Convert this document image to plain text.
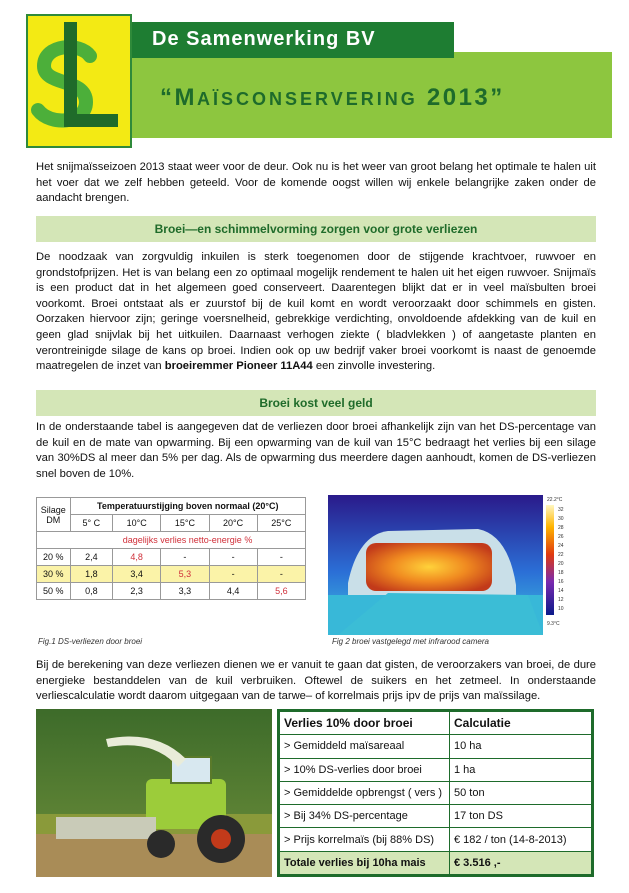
De Samenwerking BV
“MAÏSCONSERVERING 2013”
Het snijmaïsseizoen 2013 staat weer voor de deur. Ook nu is het weer van groot belang het optimale te halen uit het voer dat we zelf hebben geteeld. Voor de komende oogst willen wij enkele belangrijke zaken onder de aandacht brengen.
Broei—en schimmelvorming zorgen voor grote verliezen
De noodzaak van zorgvuldig inkuilen is sterk toegenomen door de stijgende krachtvoer, ruwvoer en grondstofprijzen. Het is van belang een zo optimaal mogelijk rendement te halen uit het eigen ruwvoer. Snijmaïs is een product dat in het algemeen goed conserveert. Daarentegen blijkt dat er in veel maïsbulten broei voorkomt. Broei ontstaat als er zuurstof bij de kuil komt en wordt veroorzaakt door schimmels en gisten. Oorzaken hiervoor zijn; geringe voersnelheid, gebrekkige verdichting, onvoldoende afdekking van de kuil en geen glad snijvlak bij het uitkuilen. Daarnaast verhogen ziekte ( bladvlekken ) of aangetaste planten en verontreinigde silage de kans op broei. Indien ook op uw bedrijf vaker broei voorkomt is naast de genoemde maatregelen de inzet van broeiremmer Pioneer 11A44 een zinvolle investering.
Broei kost veel geld
In de onderstaande tabel is aangegeven dat de verliezen door broei afhankelijk zijn van het DS-percentage van de kuil en de mate van opwarming. Bij een opwarming van de kuil van 15°C bedraagt het verlies bij een silage van 30%DS al meer dan 5% per dag. Als de opwarming dus meerdere dagen aanhoudt, komen de DS-verliezen snel boven de 10%.
Silage
DM	Temperatuurstijging boven normaal (20°C)				
	5° C	10°C	15°C	20°C	25°C
	dagelijks verlies netto-energie %				
20 %	2,4	4,8	-	-	-
30 %	1,8	3,4	5,3	-	-
50 %	0,8	2,3	3,3	4,4	5,6
Fig.1 DS-verliezen door broei
22.2°C
32
30
28
26
24
22
20
18
16
14
12
10
9.3°C
Fig 2 broei vastgelegd met infrarood camera
Bij de berekening van deze verliezen dienen we er vanuit te gaan dat gisten, de veroorzakers van broei, de dure energieke bestanddelen van de kuil verbruiken. Oftewel de suikers en het zetmeel. In onderstaande verliescalculatie wordt daarom uitgegaan van de tarwe– of korrelmais prijs ipv de prijs van maïssilage.
Verlies 10% door broei	Calculatie
> Gemiddeld maïsareaal	10 ha
> 10% DS-verlies door broei	1 ha
> Gemiddelde opbrengst ( vers )	50 ton
> Bij 34% DS-percentage	17 ton DS
> Prijs korrelmaïs (bij 88% DS)	€ 182 / ton (14-8-2013)
Totale verlies bij 10ha mais	€ 3.516 ,-
